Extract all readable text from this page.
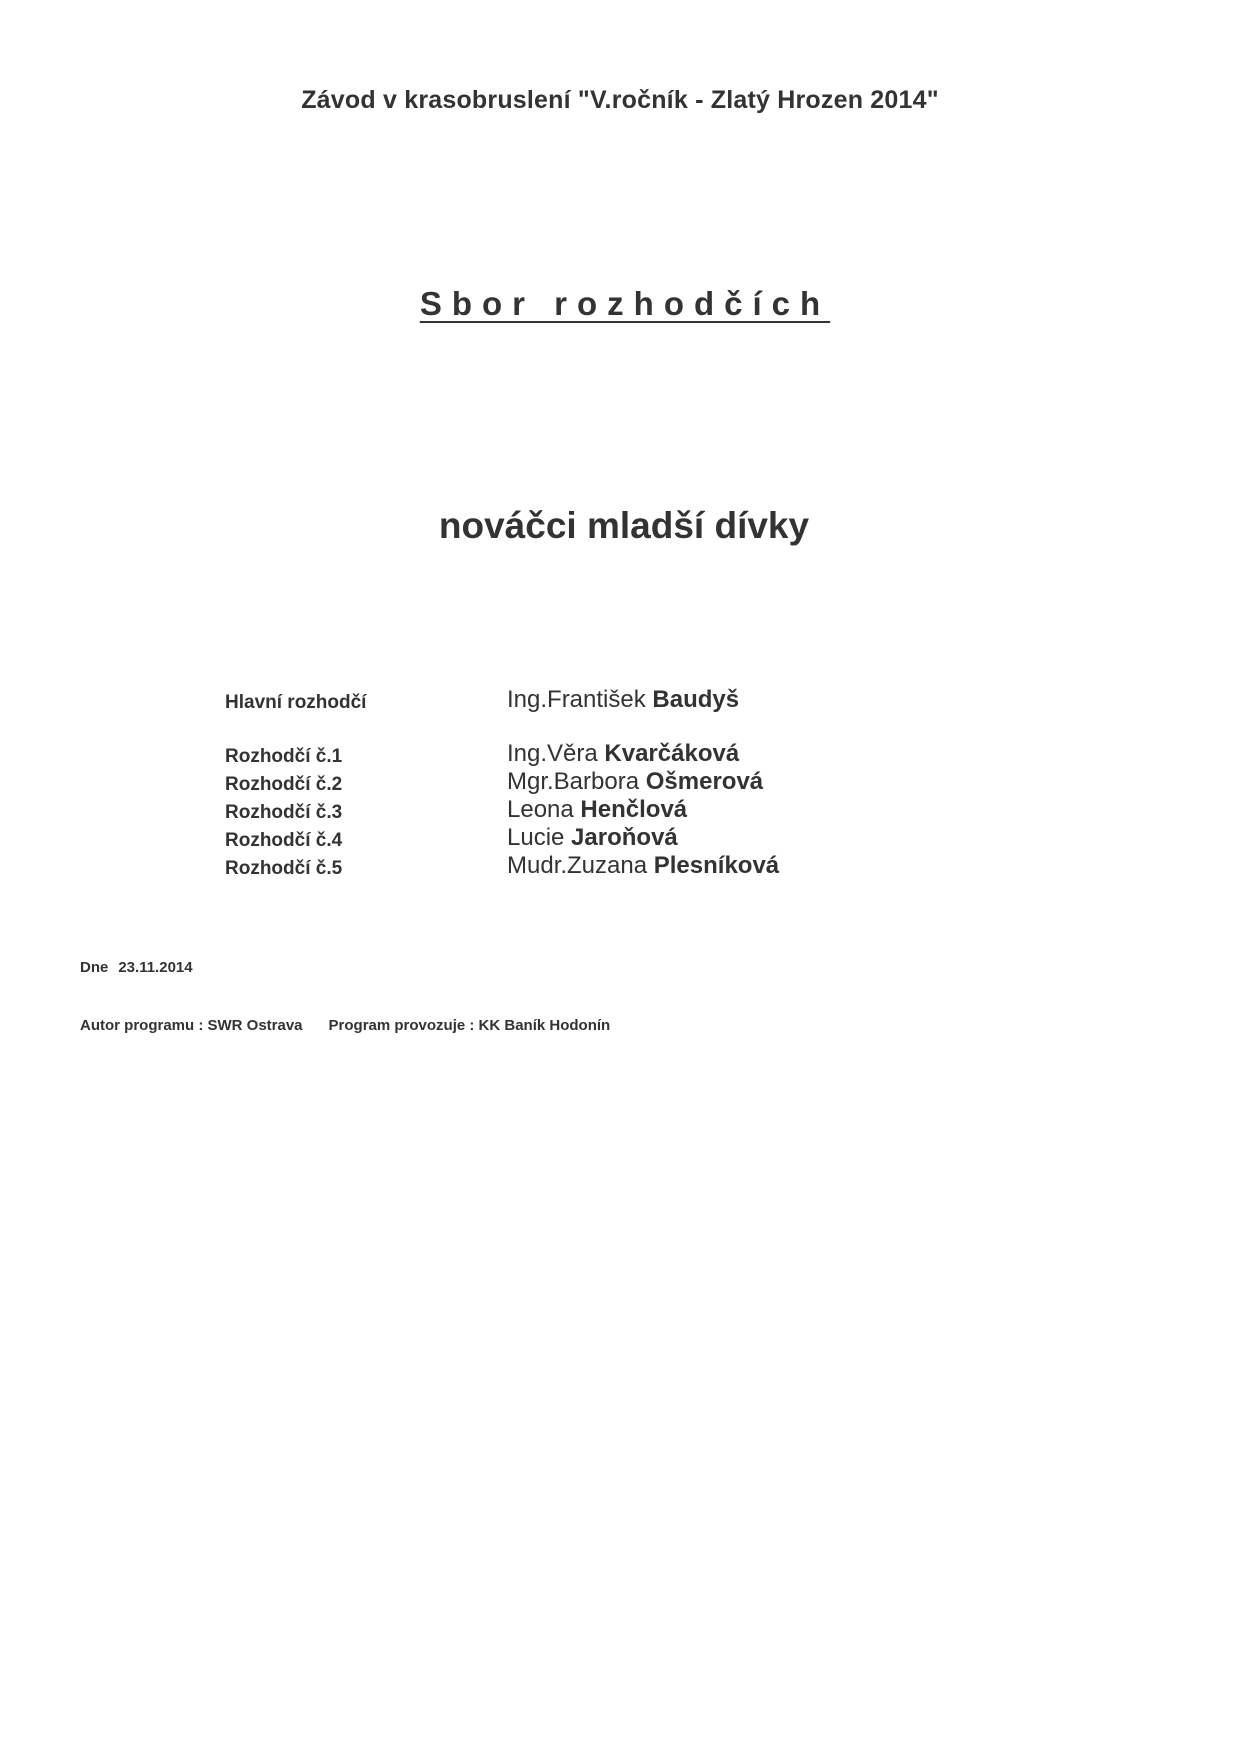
Závod v krasobruslení "V.ročník - Zlatý Hrozen 2014"
Sbor rozhodčích
nováčci mladší dívky
Hlavní rozhodčí	Ing.František Baudyš
Rozhodčí č.1	Ing.Věra Kvarčáková
Rozhodčí č.2	Mgr.Barbora Ošmerová
Rozhodčí č.3	Leona Henčlová
Rozhodčí č.4	Lucie Jaroňová
Rozhodčí č.5	Mudr.Zuzana Plesníková
Dne 23.11.2014
Autor programu : SWR Ostrava Program provozuje : KK Baník Hodonín
